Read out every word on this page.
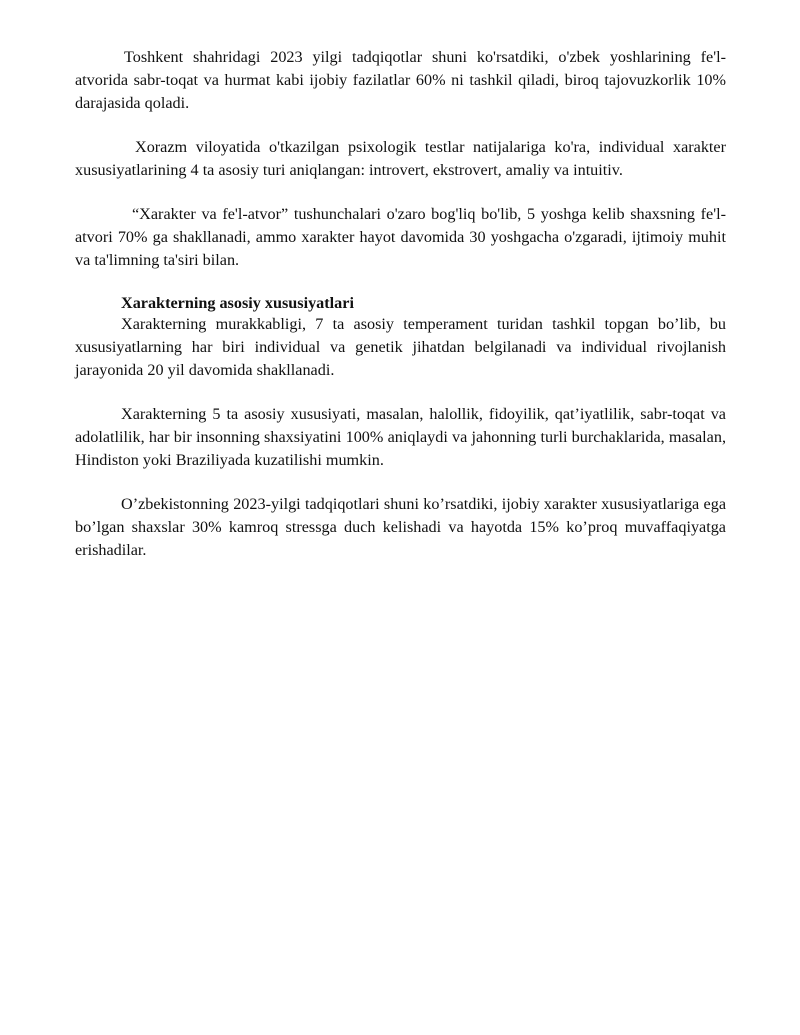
Toshkent shahridagi 2023 yilgi tadqiqotlar shuni ko'rsatdiki, o'zbek yoshlarining fe'l-atvorida sabr-toqat va hurmat kabi ijobiy fazilatlar 60% ni tashkil qiladi, biroq tajovuzkorlik 10% darajasida qoladi.

Xorazm viloyatida o'tkazilgan psixologik testlar natijalariga ko'ra, individual xarakter xususiyatlarining 4 ta asosiy turi aniqlangan: introvert, ekstrovert, amaliy va intuitiv.

“Xarakter va fe'l-atvor” tushunchalari o'zaro bog'liq bo'lib, 5 yoshga kelib shaxsning fe'l-atvori 70% ga shakllanadi, ammo xarakter hayot davomida 30 yoshgacha o'zgaradi, ijtimoiy muhit va ta'limning ta'siri bilan.

Xarakterning asosiy xususiyatlari

Xarakterning murakkabligi, 7 ta asosiy temperament turidan tashkil topgan bo’lib, bu xususiyatlarning har biri individual va genetik jihatdan belgilanadi va individual rivojlanish jarayonida 20 yil davomida shakllanadi.

Xarakterning 5 ta asosiy xususiyati, masalan, halollik, fidoyilik, qat’iyatlilik, sabr-toqat va adolatlilik, har bir insonning shaxsiyatini 100% aniqlaydi va jahonning turli burchaklarida, masalan, Hindiston yoki Braziliyada kuzatilishi mumkin.

O’zbekistonning 2023-yilgi tadqiqotlari shuni ko’rsatdiki, ijobiy xarakter xususiyatlariga ega bo’lgan shaxslar 30% kamroq stressga duch kelishadi va hayotda 15% ko’proq muvaffaqiyatga erishadilar.
